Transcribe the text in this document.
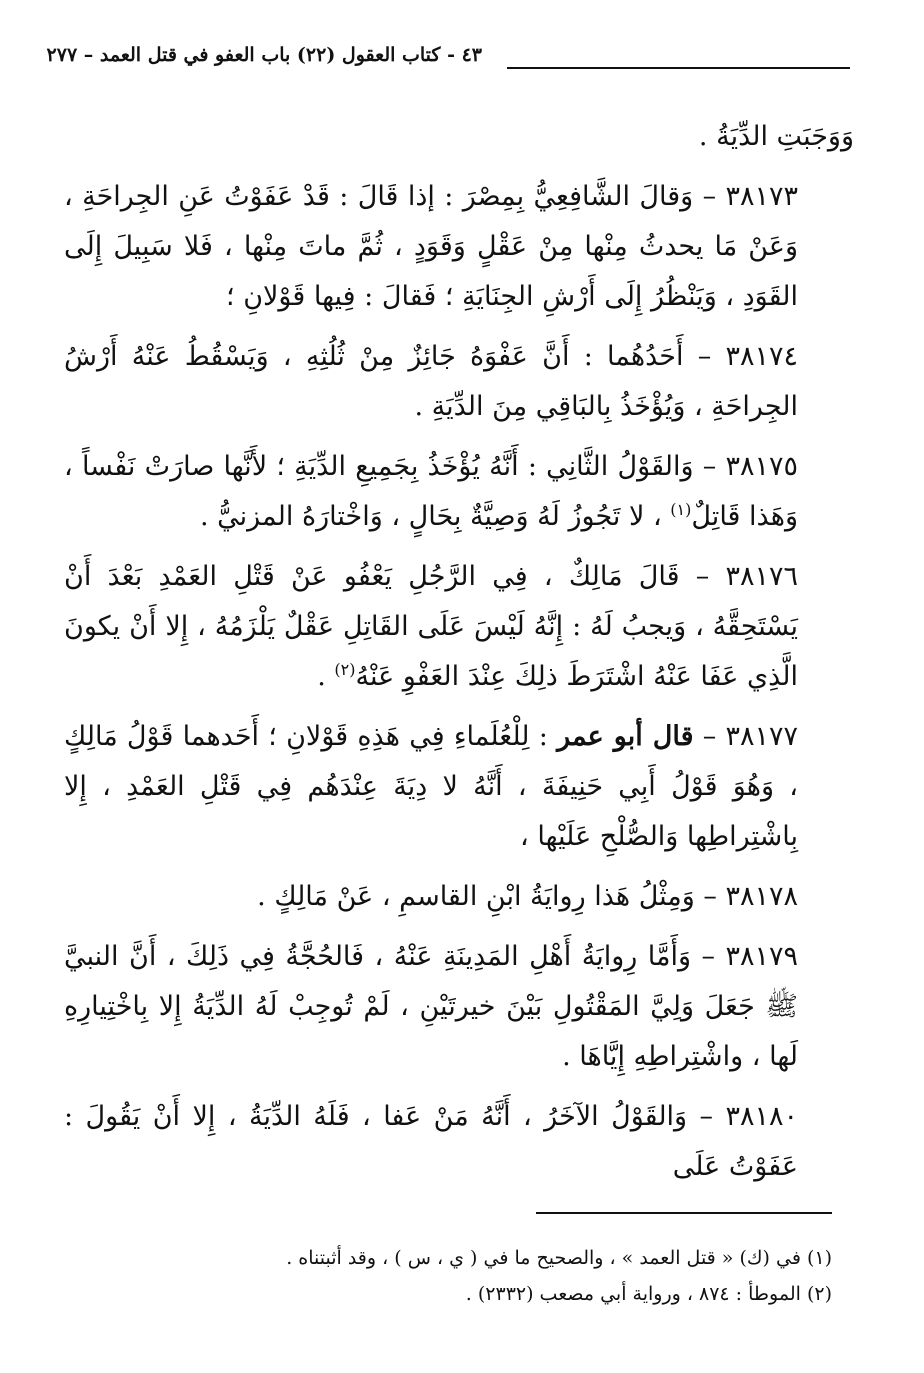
٤٣ - كتاب العقول (٢٢) باب العفو في قتل العمد – ٢٧٧

وَوَجَبَتِ الدِّيَةُ .

٣٨١٧٣ – وَقالَ الشَّافِعِيُّ بِمِصْرَ : إذا قَالَ : قَدْ عَفَوْتُ عَنِ الجِراحَةِ ، وَعَنْ مَا يحدثُ مِنْها مِنْ عَقْلٍ وَقَوَدٍ ، ثُمَّ ماتَ مِنْها ، فَلا سَبِيلَ إِلَى القَوَدِ ، وَيَنْظُرُ إِلَى أَرْشِ الجِنَايَةِ ؛ فَقالَ : فِيها قَوْلانِ ؛

٣٨١٧٤ – أَحَدُهُما : أَنَّ عَفْوَهُ جَائِزٌ مِنْ ثُلُثِهِ ، وَيَسْقُطُ عَنْهُ أَرْشُ الجِراحَةِ ، وَيُؤْخَذُ بِالبَاقِي مِنَ الدِّيَةِ .

٣٨١٧٥ – وَالقَوْلُ الثَّانِي : أَنَّهُ يُؤْخَذُ بِجَمِيعِ الدِّيَةِ ؛ لأَنَّها صارَتْ نَفْساً ، وَهَذا قَاتِلٌ$^{(١)}$ ، لا تَجُوزُ لَهُ وَصِيَّةٌ بِحَالٍ ، وَاخْتارَهُ المزنيُّ .

٣٨١٧٦ – قَالَ مَالِكٌ ، فِي الرَّجُلِ يَعْفُو عَنْ قَتْلِ العَمْدِ بَعْدَ أَنْ يَسْتَحِقَّهُ ، وَيجبُ لَهُ : إِنَّهُ لَيْسَ عَلَى القَاتِلِ عَقْلٌ يَلْزَمُهُ ، إِلا أَنْ يكونَ الَّذِي عَفَا عَنْهُ اشْتَرَطَ ذلِكَ عِنْدَ العَفْوِ عَنْهُ$^{(٢)}$ .

٣٨١٧٧ – قال أبو عمر : لِلْعُلَماءِ فِي هَذِهِ قَوْلانِ ؛ أَحَدهما قَوْلُ مَالِكٍ ، وَهُوَ قَوْلُ أَبِي حَنِيفَةَ ، أَنَّهُ لا دِيَةَ عِنْدَهُم فِي قَتْلِ العَمْدِ ، إِلا بِاشْتِراطِها وَالصُّلْحِ عَلَيْها ،

٣٨١٧٨ – وَمِثْلُ هَذا رِوايَةُ ابْنِ القاسمِ ، عَنْ مَالِكٍ .

٣٨١٧٩ – وَأَمَّا رِوايَةُ أَهْلِ المَدِينَةِ عَنْهُ ، فَالحُجَّةُ فِي ذَلِكَ ، أَنَّ النبيَّ ﷺ جَعَلَ وَلِيَّ المَقْتُولِ بَيْنَ خيرتَيْنِ ، لَمْ تُوجِبْ لَهُ الدِّيَةُ إِلا بِاخْتِيارِهِ لَها ، واشْتِراطِهِ إِيَّاهَا .

٣٨١٨٠ – وَالقَوْلُ الآخَرُ ، أَنَّهُ مَنْ عَفا ، فَلَهُ الدِّيَةُ ، إِلا أَنْ يَقُولَ : عَفَوْتُ عَلَى

(١) في (ك) « قتل العمد » ، والصحيح ما في ( ي ، س ) ، وقد أثبتناه .

(٢) الموطأ : ٨٧٤ ، ورواية أبي مصعب (٢٣٣٢) .
